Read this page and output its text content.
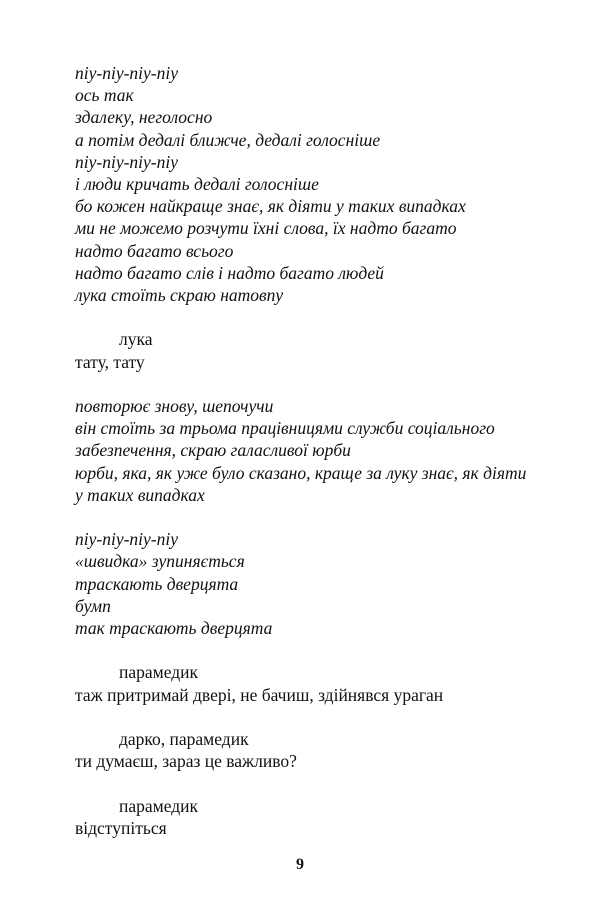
піу-піу-піу-піу
ось так
здалеку, неголосно
а потім дедалі ближче, дедалі голосніше
піу-піу-піу-піу
і люди кричать дедалі голосніше
бо кожен найкраще знає, як діяти у таких випадках
ми не можемо розчути їхні слова, їх надто багато
надто багато всього
надто багато слів і надто багато людей
лука стоїть скраю натовпу
лука
тату, тату
повторює знову, шепочучи
він стоїть за трьома працівницями служби соціального
забезпечення, скраю галасливої юрби
юрби, яка, як уже було сказано, краще за луку знає, як діяти
у таких випадках
піу-піу-піу-піу
«швидка» зупиняється
траскають дверцята
бумп
так траскають дверцята
парамедик
таж притримай двері, не бачиш, здійнявся ураган
дарко, парамедик
ти думаєш, зараз це важливо?
парамедик
відступіться
9
